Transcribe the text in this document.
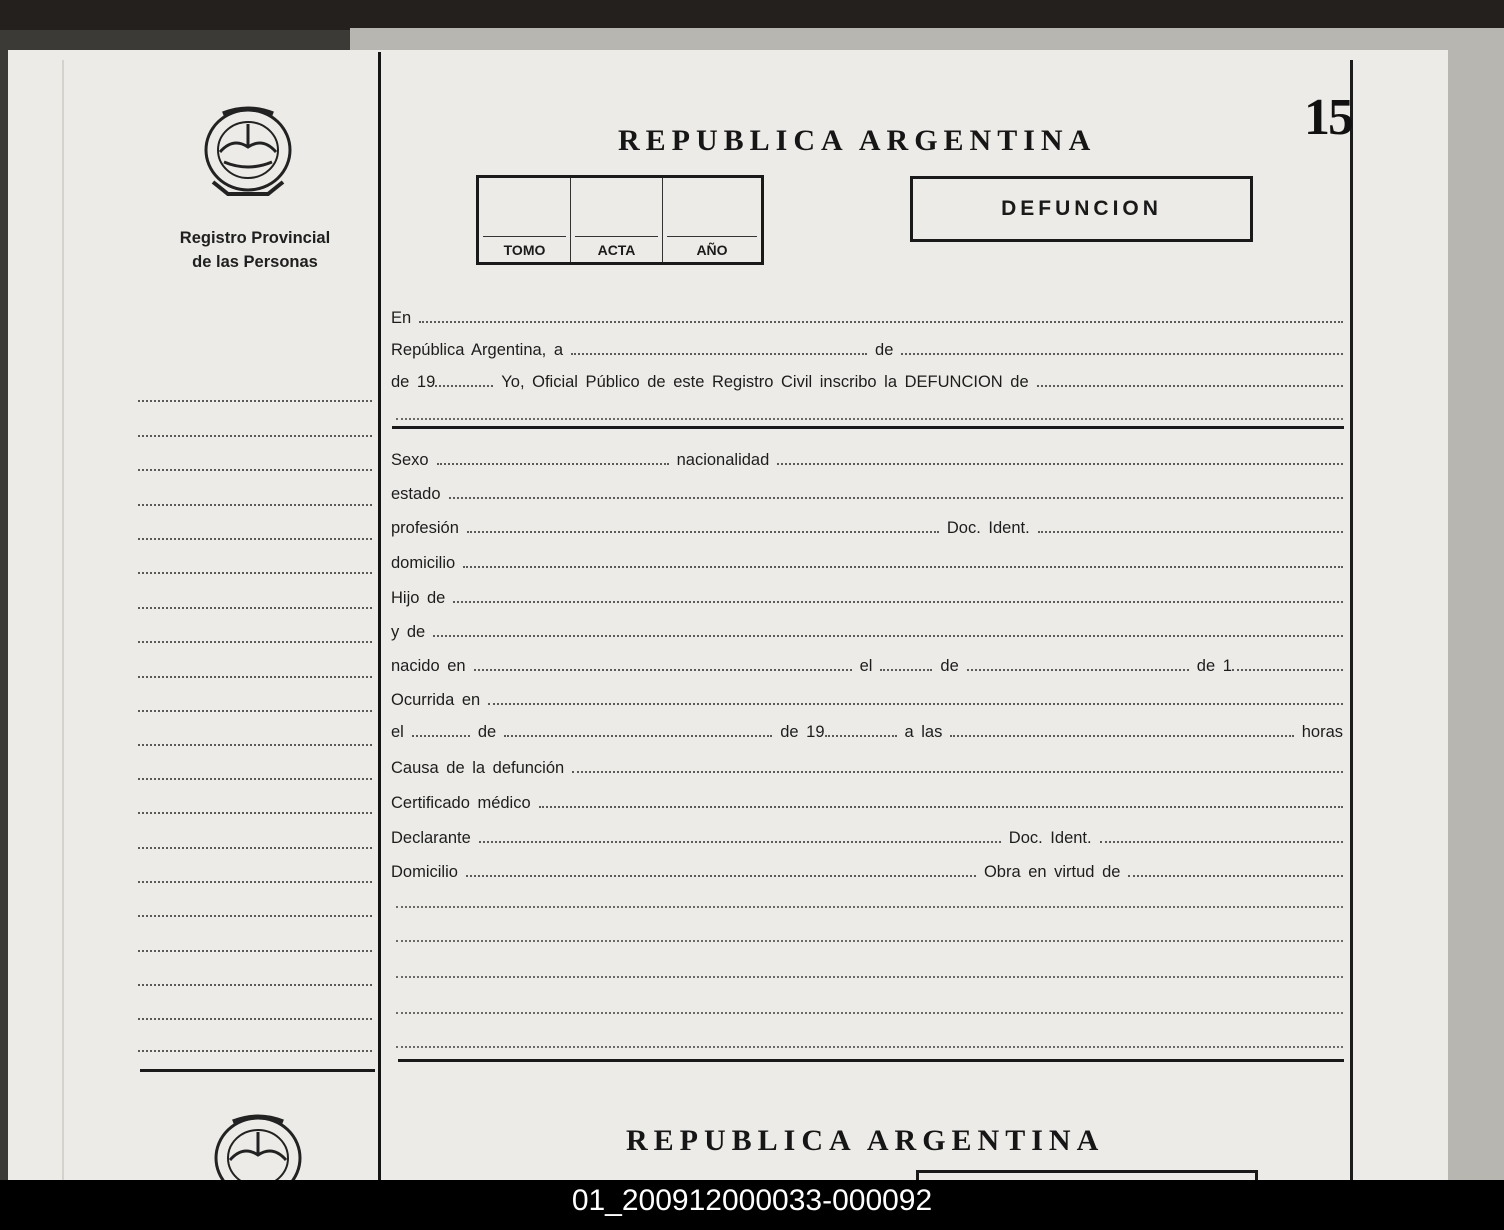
Registro Provincial
de las Personas
REPUBLICA ARGENTINA	15
TOMO	ACTA	AÑO
DEFUNCION
En
República Argentina, a	de
de 19	Yo, Oficial Público de este Registro Civil inscribo la DEFUNCION de
Sexo	nacionalidad
estado
profesión	Doc. Ident.
domicilio
Hijo de
y de
nacido en	el	de	de 1
Ocurrida en
el	de	de 19	a las	horas
Causa de la defunción
Certificado médico
Declarante	Doc. Ident.
Domicilio	Obra en virtud de
REPUBLICA ARGENTINA
01_200912000033-000092
